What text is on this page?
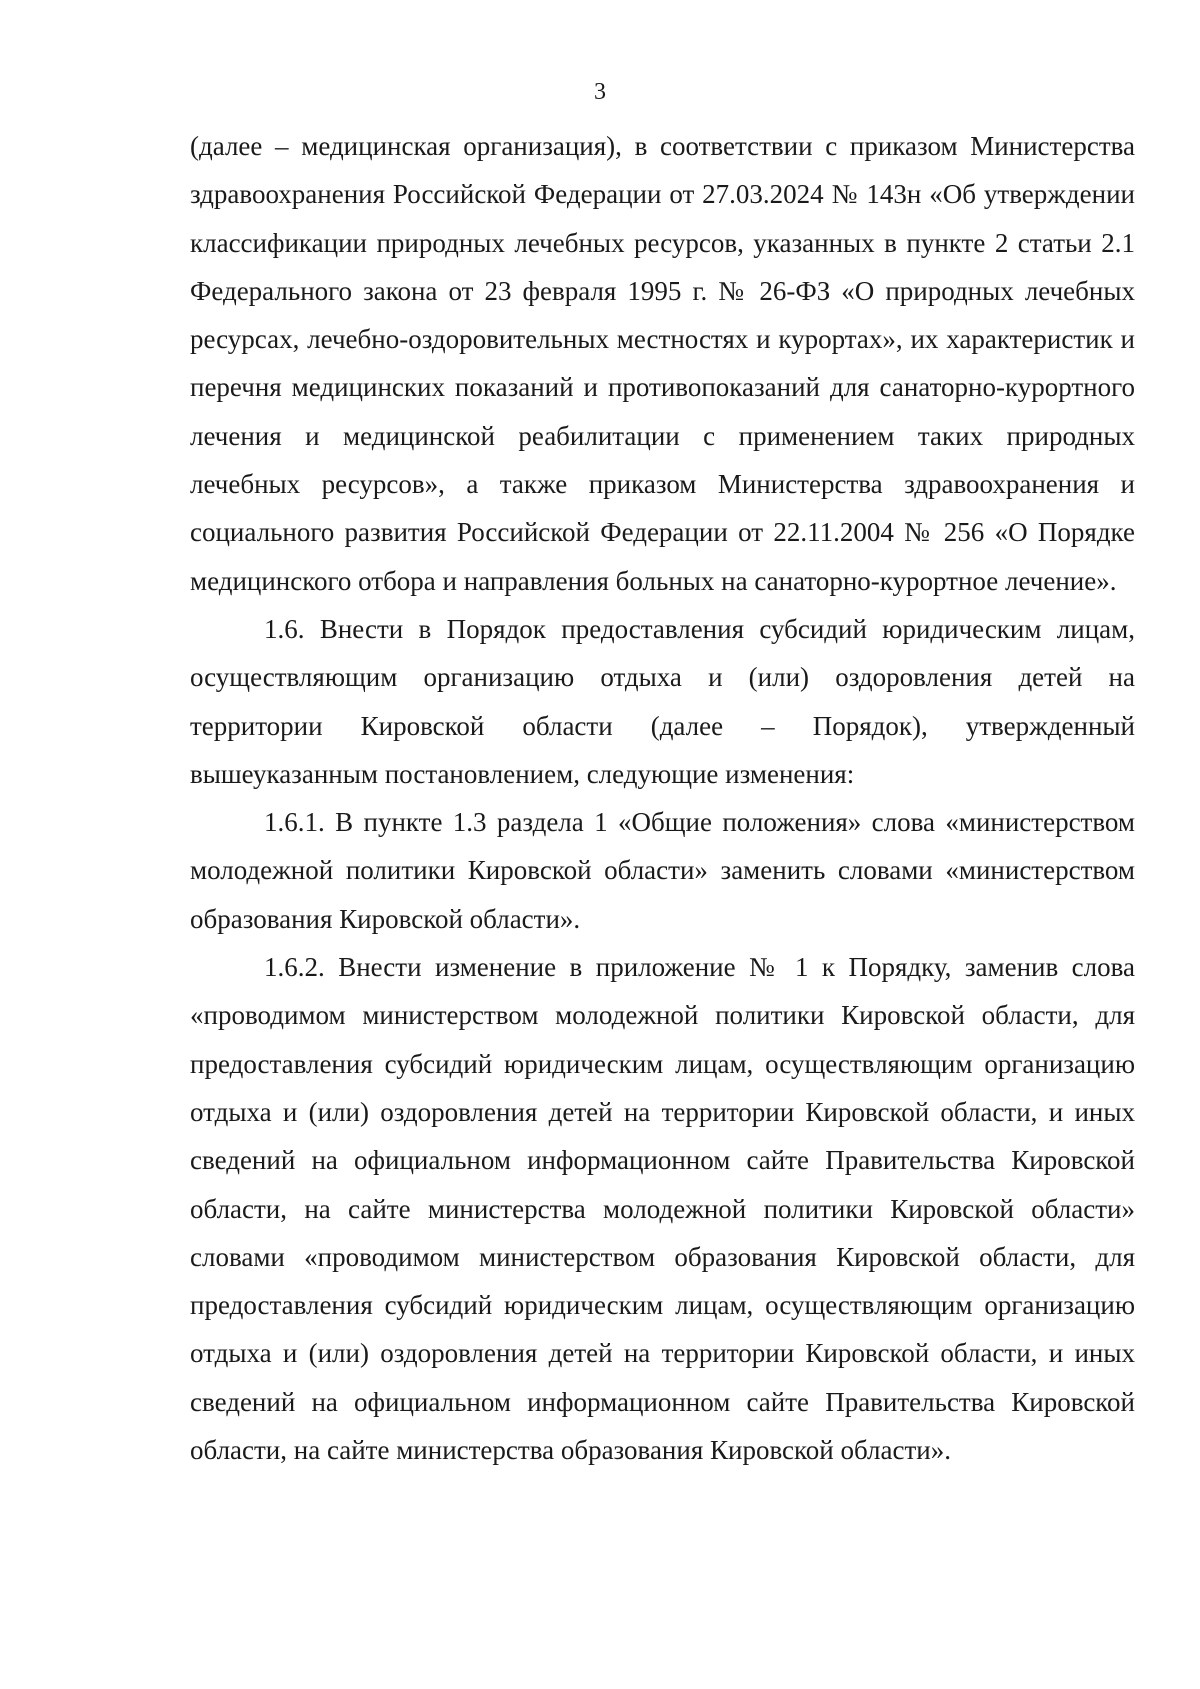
3

(далее – медицинская организация), в соответствии с приказом Министерства здравоохранения Российской Федерации от 27.03.2024 № 143н «Об утверждении классификации природных лечебных ресурсов, указанных в пункте 2 статьи 2.1 Федерального закона от 23 февраля 1995 г. № 26-ФЗ «О природных лечебных ресурсах, лечебно-оздоровительных местностях и курортах», их характеристик и перечня медицинских показаний и противопоказаний для санаторно-курортного лечения и медицинской реабилитации с применением таких природных лечебных ресурсов», а также приказом Министерства здравоохранения и социального развития Российской Федерации от 22.11.2004 № 256 «О Порядке медицинского отбора и направления больных на санаторно-курортное лечение».

1.6. Внести в Порядок предоставления субсидий юридическим лицам, осуществляющим организацию отдыха и (или) оздоровления детей на территории Кировской области (далее – Порядок), утвержденный вышеуказанным постановлением, следующие изменения:

1.6.1. В пункте 1.3 раздела 1 «Общие положения» слова «министерством молодежной политики Кировской области» заменить словами «министерством образования Кировской области».

1.6.2. Внести изменение в приложение № 1 к Порядку, заменив слова «проводимом министерством молодежной политики Кировской области, для предоставления субсидий юридическим лицам, осуществляющим организацию отдыха и (или) оздоровления детей на территории Кировской области, и иных сведений на официальном информационном сайте Правительства Кировской области, на сайте министерства молодежной политики Кировской области» словами «проводимом министерством образования Кировской области, для предоставления субсидий юридическим лицам, осуществляющим организацию отдыха и (или) оздоровления детей на территории Кировской области, и иных сведений на официальном информационном сайте Правительства Кировской области, на сайте министерства образования Кировской области».
